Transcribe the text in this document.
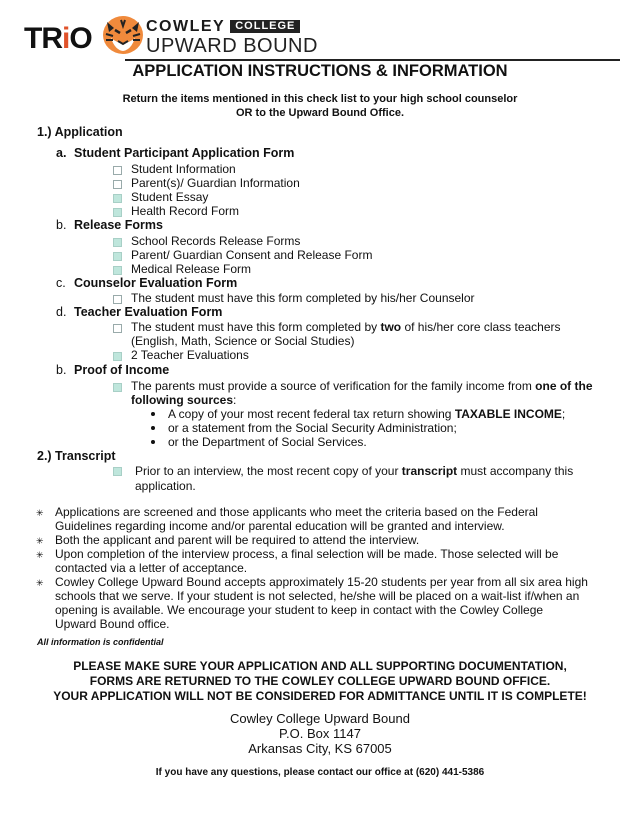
TRiO	COWLEY COLLEGE
UPWARD BOUND
APPLICATION INSTRUCTIONS & INFORMATION
Return the items mentioned in this check list to your high school counselor
OR to the Upward Bound Office.
1.) Application
a. Student Participant Application Form
Student Information
Parent(s)/ Guardian Information
Student Essay
Health Record Form
b. Release Forms
School Records Release Forms
Parent/ Guardian Consent and Release Form
Medical Release Form
c. Counselor Evaluation Form
The student must have this form completed by his/her Counselor
d. Teacher Evaluation Form
The student must have this form completed by two of his/her core class teachers
(English, Math, Science or Social Studies)
2 Teacher Evaluations
b. Proof of Income
The parents must provide a source of verification for the family income from one of the
following sources:
A copy of your most recent federal tax return showing TAXABLE INCOME;
or a statement from the Social Security Administration;
or the Department of Social Services.
2.) Transcript
Prior to an interview, the most recent copy of your transcript must accompany this
application.
✳ Applications are screened and those applicants who meet the criteria based on the Federal
Guidelines regarding income and/or parental education will be granted and interview.
✳ Both the applicant and parent will be required to attend the interview.
✳ Upon completion of the interview process, a final selection will be made. Those selected will be
contacted via a letter of acceptance.
✳ Cowley College Upward Bound accepts approximately 15-20 students per year from all six area high
schools that we serve. If your student is not selected, he/she will be placed on a wait-list if/when an
opening is available. We encourage your student to keep in contact with the Cowley College
Upward Bound office.
All information is confidential
PLEASE MAKE SURE YOUR APPLICATION AND ALL SUPPORTING DOCUMENTATION,
FORMS ARE RETURNED TO THE COWLEY COLLEGE UPWARD BOUND OFFICE.
YOUR APPLICATION WILL NOT BE CONSIDERED FOR ADMITTANCE UNTIL IT IS COMPLETE!
Cowley College Upward Bound
P.O. Box 1147
Arkansas City, KS 67005
If you have any questions, please contact our office at (620) 441-5386
